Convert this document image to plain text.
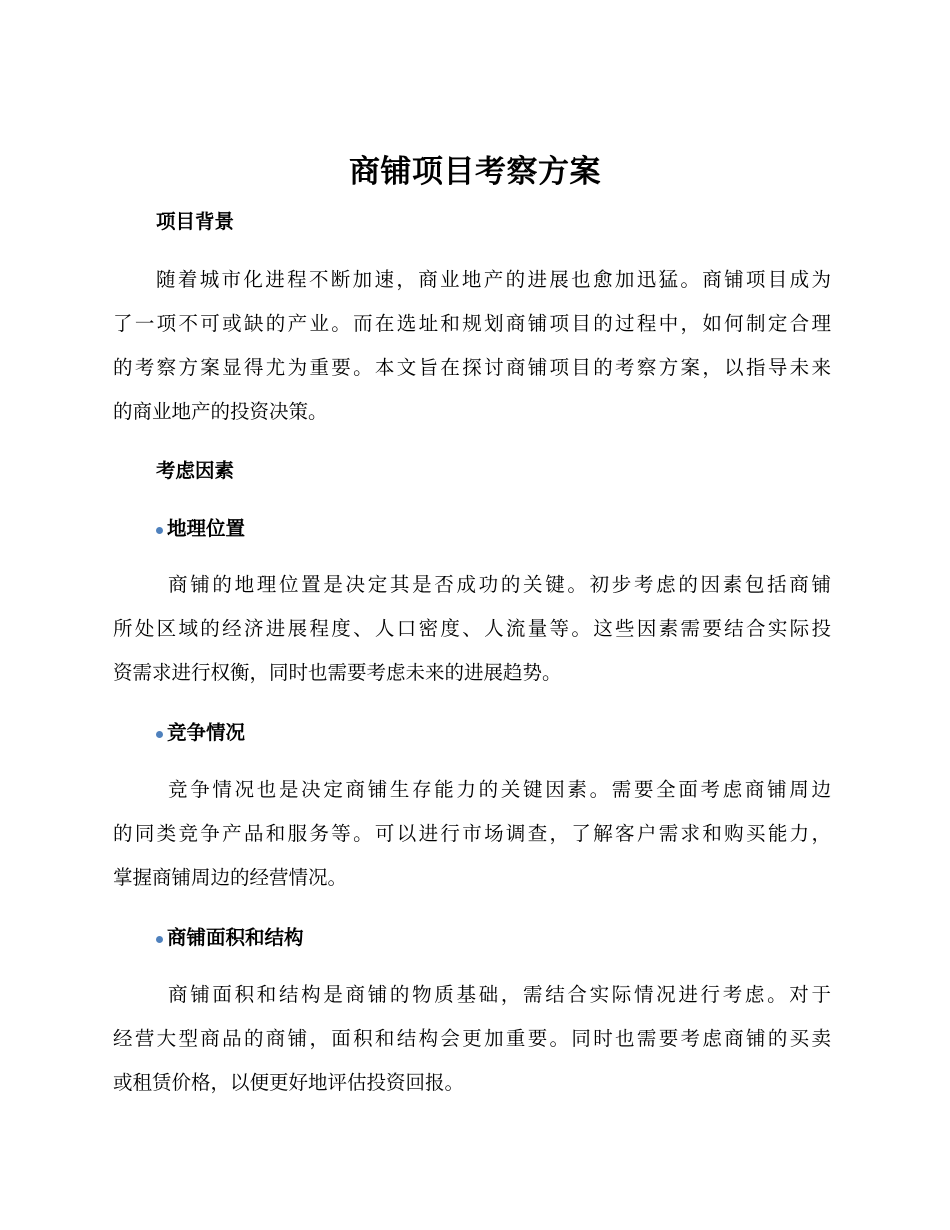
商铺项目考察方案
项目背景
随着城市化进程不断加速，商业地产的进展也愈加迅猛。商铺项目成为
了一项不可或缺的产业。而在选址和规划商铺项目的过程中，如何制定合理
的考察方案显得尤为重要。本文旨在探讨商铺项目的考察方案，以指导未来
的商业地产的投资决策。
考虑因素
地理位置
商铺的地理位置是决定其是否成功的关键。初步考虑的因素包括商铺
所处区域的经济进展程度、人口密度、人流量等。这些因素需要结合实际投
资需求进行权衡，同时也需要考虑未来的进展趋势。
竞争情况
竞争情况也是决定商铺生存能力的关键因素。需要全面考虑商铺周边
的同类竞争产品和服务等。可以进行市场调查，了解客户需求和购买能力，
掌握商铺周边的经营情况。
商铺面积和结构
商铺面积和结构是商铺的物质基础，需结合实际情况进行考虑。对于
经营大型商品的商铺，面积和结构会更加重要。同时也需要考虑商铺的买卖
或租赁价格，以便更好地评估投资回报。
